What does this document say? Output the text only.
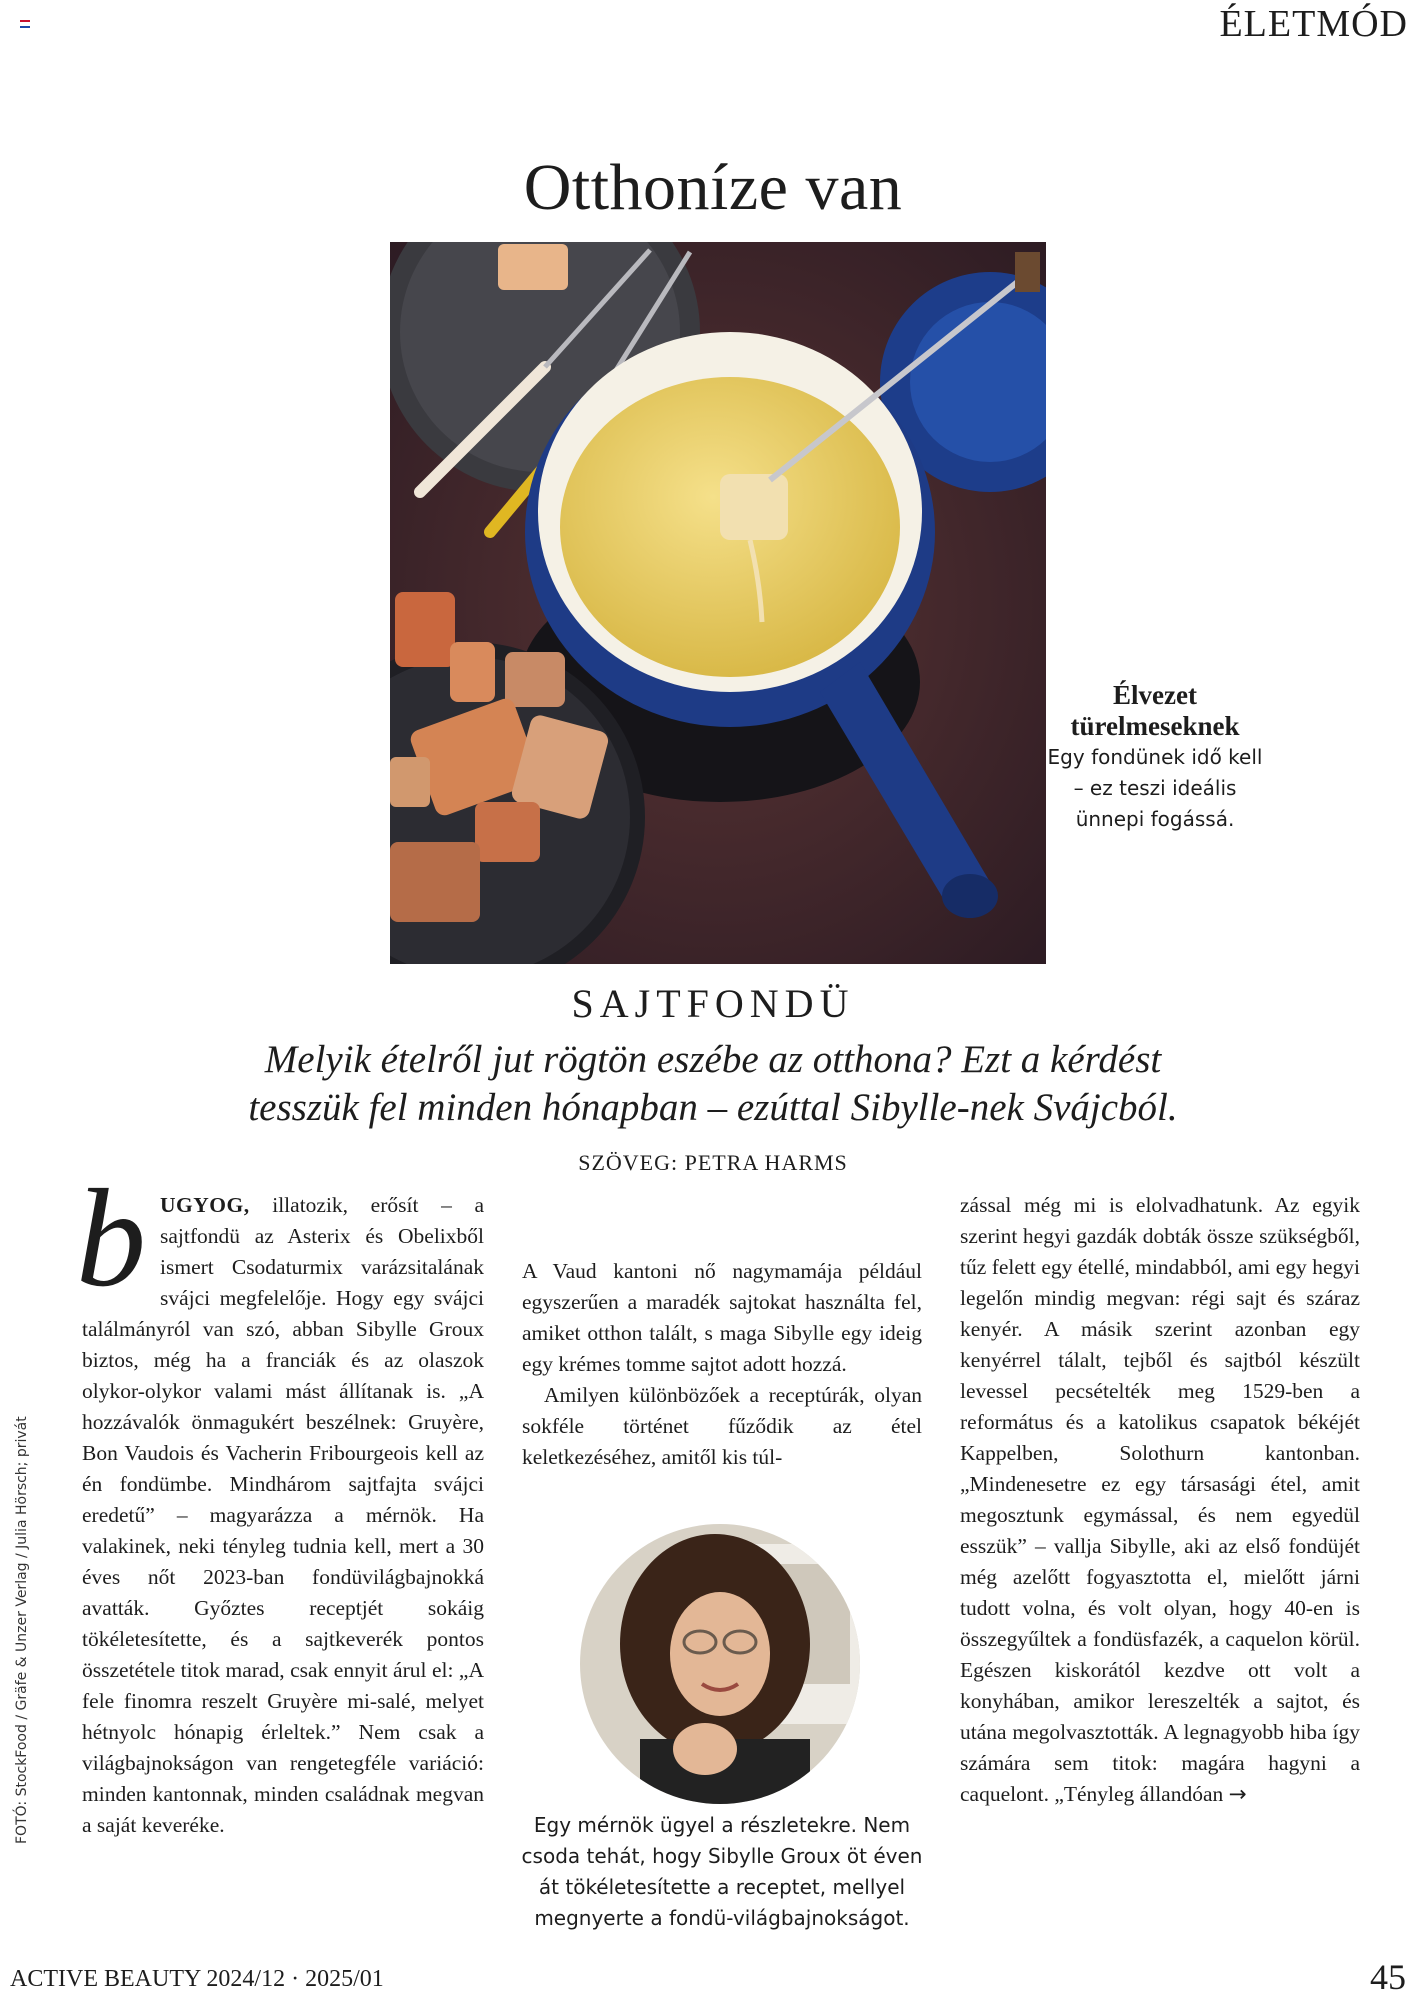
ÉLETMÓD
Otthoníze van
Élvezet türelmeseknek
Egy fondünek idő kell – ez teszi ideális ünnepi fogássá.
SAJTFONDÜ
Melyik ételről jut rögtön eszébe az otthona? Ezt a kérdést
tesszük fel minden hónapban – ezúttal Sibylle-nek Svájcból.
SZÖVEG: PETRA HARMS
FOTÓ: StockFood / Gräfe & Unzer Verlag / Julia Hörsch; privát

b UGYOG, illatozik, erősít – a sajtfondü az Asterix és Obelixből ismert Csodaturmix varázsitalának svájci megfelelője. Hogy egy svájci találmányról van szó, abban Sibylle Groux biztos, még ha a franciák és az olaszok olykor-olykor valami mást állítanak is. „A hozzávalók önmagukért beszélnek: Gruyère, Bon Vaudois és Vacherin Fribourgeois kell az én fondümbe. Mindhárom sajtfajta svájci eredetű” – magyarázza a mérnök. Ha valakinek, neki tényleg tudnia kell, mert a 30 éves nőt 2023-ban fondüvilágbajnokká avatták. Győztes receptjét sokáig tökéletesítette, és a sajtkeverék pontos összetétele titok marad, csak ennyit árul el: „A fele finomra reszelt Gruyère mi-salé, melyet hétnyolc hónapig érleltek.” Nem csak a világbajnokságon van rengetegféle variáció: minden kantonnak, minden családnak megvan a saját keveréke.

A Vaud kantoni nő nagymamája például egyszerűen a maradék sajtokat használta fel, amiket otthon talált, s maga Sibylle egy ideig egy krémes tomme sajtot adott hozzá.

Amilyen különbözőek a receptúrák, olyan sokféle történet fűződik az étel keletkezéséhez, amitől kis túl-

Egy mérnök ügyel a részletekre. Nem csoda tehát, hogy Sibylle Groux öt éven át tökéletesítette a receptet, mellyel megnyerte a fondü-világbajnokságot.

zással még mi is elolvadhatunk. Az egyik szerint hegyi gazdák dobták össze szükségből, tűz felett egy étellé, mindabból, ami egy hegyi legelőn mindig megvan: régi sajt és száraz kenyér. A másik szerint azonban egy kenyérrel tálalt, tejből és sajtból készült levessel pecsételték meg 1529-ben a református és a katolikus csapatok békéjét Kappelben, Solothurn kantonban. „Mindenesetre ez egy társasági étel, amit megosztunk egymással, és nem egyedül esszük” – vallja Sibylle, aki az első fondüjét még azelőtt fogyasztotta el, mielőtt járni tudott volna, és volt olyan, hogy 40-en is összegyűltek a fondüsfazék, a caquelon körül. Egészen kiskorától kezdve ott volt a konyhában, amikor lereszelték a sajtot, és utána megolvasztották. A legnagyobb hiba így számára sem titok: magára hagyni a caquelont. „Tényleg állandóan →

ACTIVE BEAUTY 2024/12 · 2025/01	45
